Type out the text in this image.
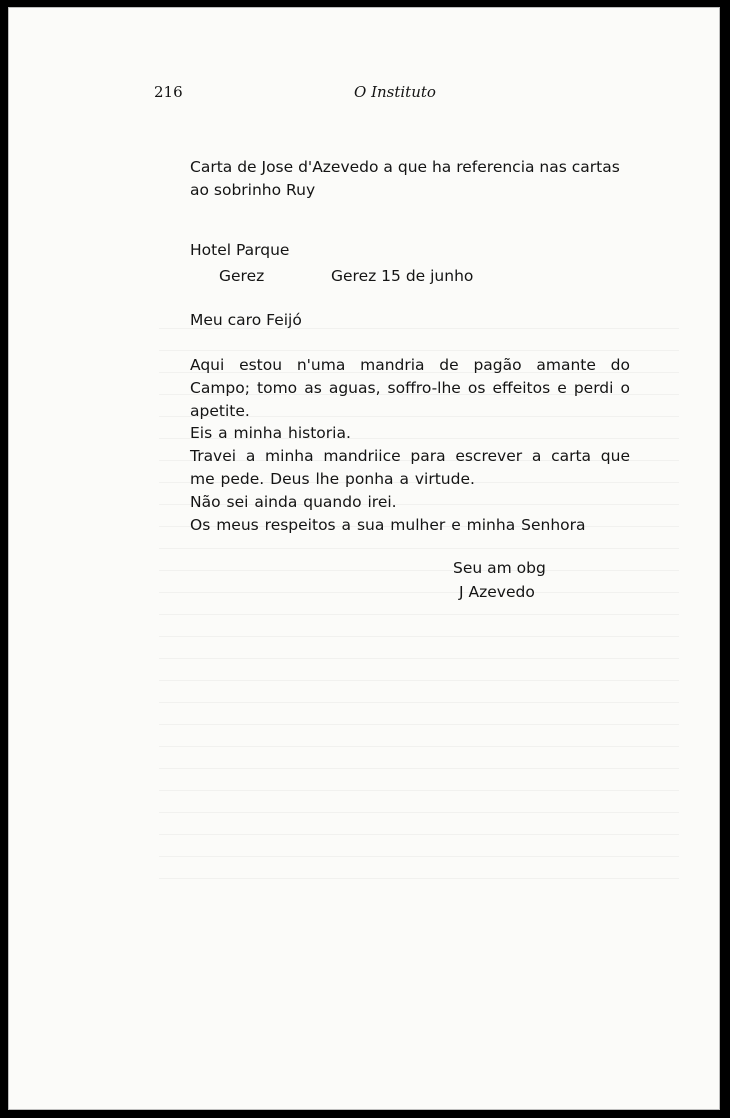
216	O Instituto

Carta de Jose d'Azevedo a que ha referencia nas cartas ao sobrinho Ruy

Hotel Parque

Gerez	Gerez 15 de junho

Meu caro Feijó

Aqui estou n'uma mandria de pagão amante do Campo; tomo as aguas, soffro-lhe os effeitos e perdi o apetite.

Eis a minha historia.

Travei a minha mandriice para escrever a carta que me pede. Deus lhe ponha a virtude.

Não sei ainda quando irei.

Os meus respeitos a sua mulher e minha Senhora

Seu am obg

J Azevedo
